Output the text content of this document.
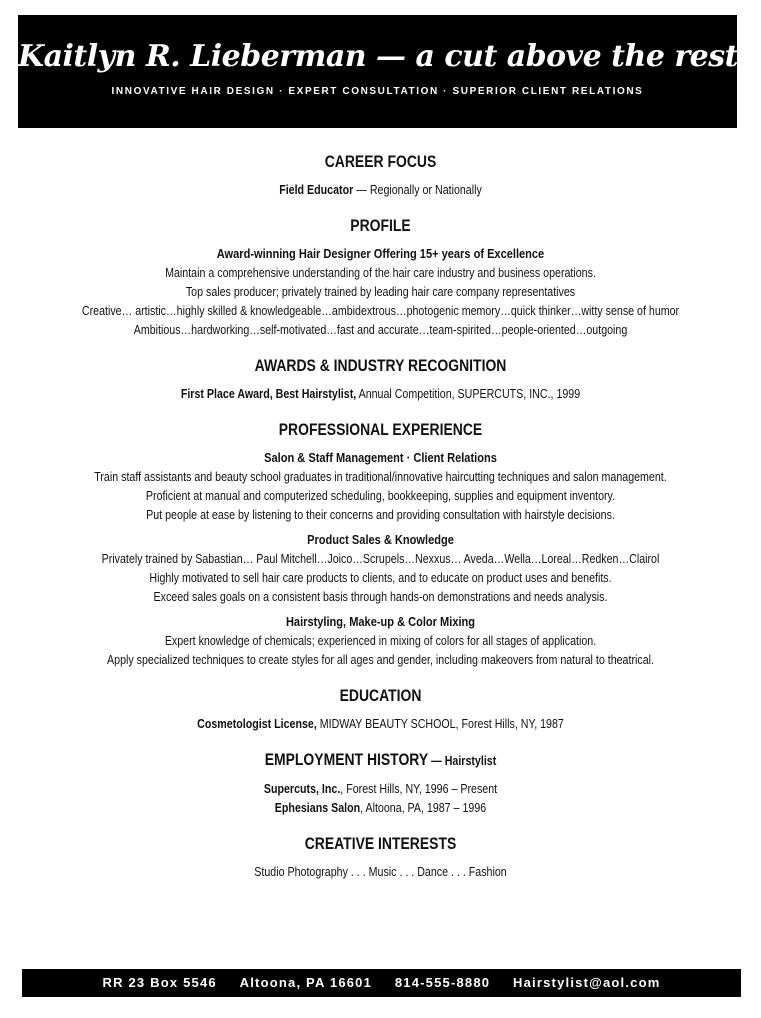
Kaitlyn R. Lieberman — a cut above the rest!
INNOVATIVE HAIR DESIGN · EXPERT CONSULTATION · SUPERIOR CLIENT RELATIONS
CAREER FOCUS
Field Educator — Regionally or Nationally
PROFILE
Award-winning Hair Designer Offering 15+ years of Excellence
Maintain a comprehensive understanding of the hair care industry and business operations.
Top sales producer; privately trained by leading hair care company representatives
Creative… artistic…highly skilled & knowledgeable…ambidextrous…photogenic memory…quick thinker…witty sense of humor
Ambitious…hardworking…self-motivated…fast and accurate…team-spirited…people-oriented…outgoing
AWARDS & INDUSTRY RECOGNITION
First Place Award, Best Hairstylist, Annual Competition, SUPERCUTS, INC., 1999
PROFESSIONAL EXPERIENCE
Salon & Staff Management · Client Relations
Train staff assistants and beauty school graduates in traditional/innovative haircutting techniques and salon management.
Proficient at manual and computerized scheduling, bookkeeping, supplies and equipment inventory.
Put people at ease by listening to their concerns and providing consultation with hairstyle decisions.
Product Sales & Knowledge
Privately trained by Sabastian… Paul Mitchell…Joico…Scrupels…Nexxus… Aveda…Wella…Loreal…Redken…Clairol
Highly motivated to sell hair care products to clients, and to educate on product uses and benefits.
Exceed sales goals on a consistent basis through hands-on demonstrations and needs analysis.
Hairstyling, Make-up & Color Mixing
Expert knowledge of chemicals; experienced in mixing of colors for all stages of application.
Apply specialized techniques to create styles for all ages and gender, including makeovers from natural to theatrical.
EDUCATION
Cosmetologist License, MIDWAY BEAUTY SCHOOL, Forest Hills, NY, 1987
EMPLOYMENT HISTORY — Hairstylist
Supercuts, Inc., Forest Hills, NY, 1996 – Present
Ephesians Salon, Altoona, PA, 1987 – 1996
CREATIVE INTERESTS
Studio Photography . . . Music . . . Dance . . . Fashion
RR 23 Box 5546 Altoona, PA 16601 814-555-8880 Hairstylist@aol.com
